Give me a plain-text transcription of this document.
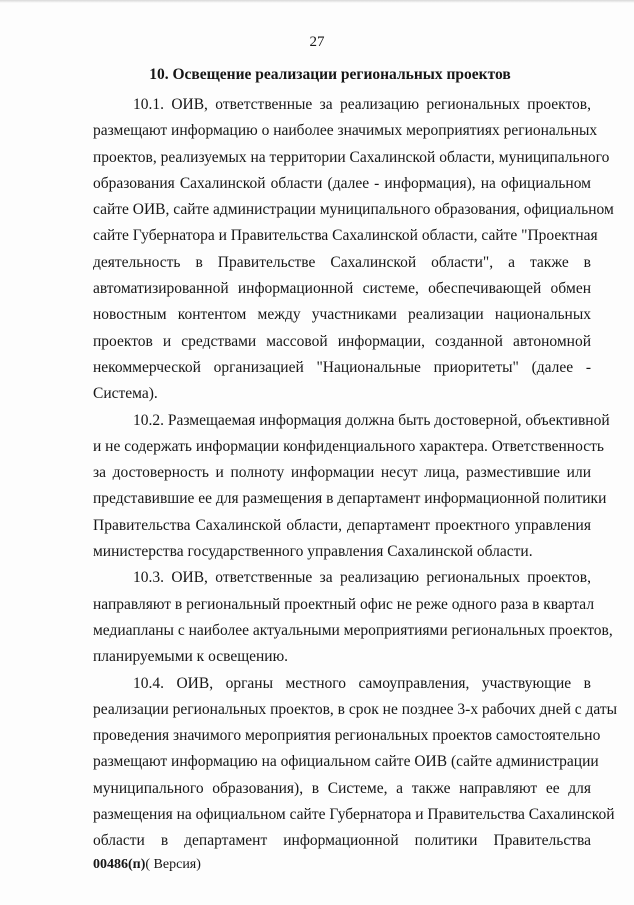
27
10. Освещение реализации региональных проектов
10.1. ОИВ, ответственные за реализацию региональных проектов,
размещают информацию о наиболее значимых мероприятиях региональных
проектов, реализуемых на территории Сахалинской области, муниципального
образования Сахалинской области (далее - информация), на официальном
сайте ОИВ, сайте администрации муниципального образования, официальном
сайте Губернатора и Правительства Сахалинской области, сайте "Проектная
деятельность в Правительстве Сахалинской области", а также в
автоматизированной информационной системе, обеспечивающей обмен
новостным контентом между участниками реализации национальных
проектов и средствами массовой информации, созданной автономной
некоммерческой организацией "Национальные приоритеты" (далее -
Система).
10.2. Размещаемая информация должна быть достоверной, объективной
и не содержать информации конфиденциального характера. Ответственность
за достоверность и полноту информации несут лица, разместившие или
представившие ее для размещения в департамент информационной политики
Правительства Сахалинской области, департамент проектного управления
министерства государственного управления Сахалинской области.
10.3. ОИВ, ответственные за реализацию региональных проектов,
направляют в региональный проектный офис не реже одного раза в квартал
медиапланы с наиболее актуальными мероприятиями региональных проектов,
планируемыми к освещению.
10.4. ОИВ, органы местного самоуправления, участвующие в
реализации региональных проектов, в срок не позднее 3-х рабочих дней с даты
проведения значимого мероприятия региональных проектов самостоятельно
размещают информацию на официальном сайте ОИВ (сайте администрации
муниципального образования), в Системе, а также направляют ее для
размещения на официальном сайте Губернатора и Правительства Сахалинской
области в департамент информационной политики Правительства
00486(п)( Версия)
